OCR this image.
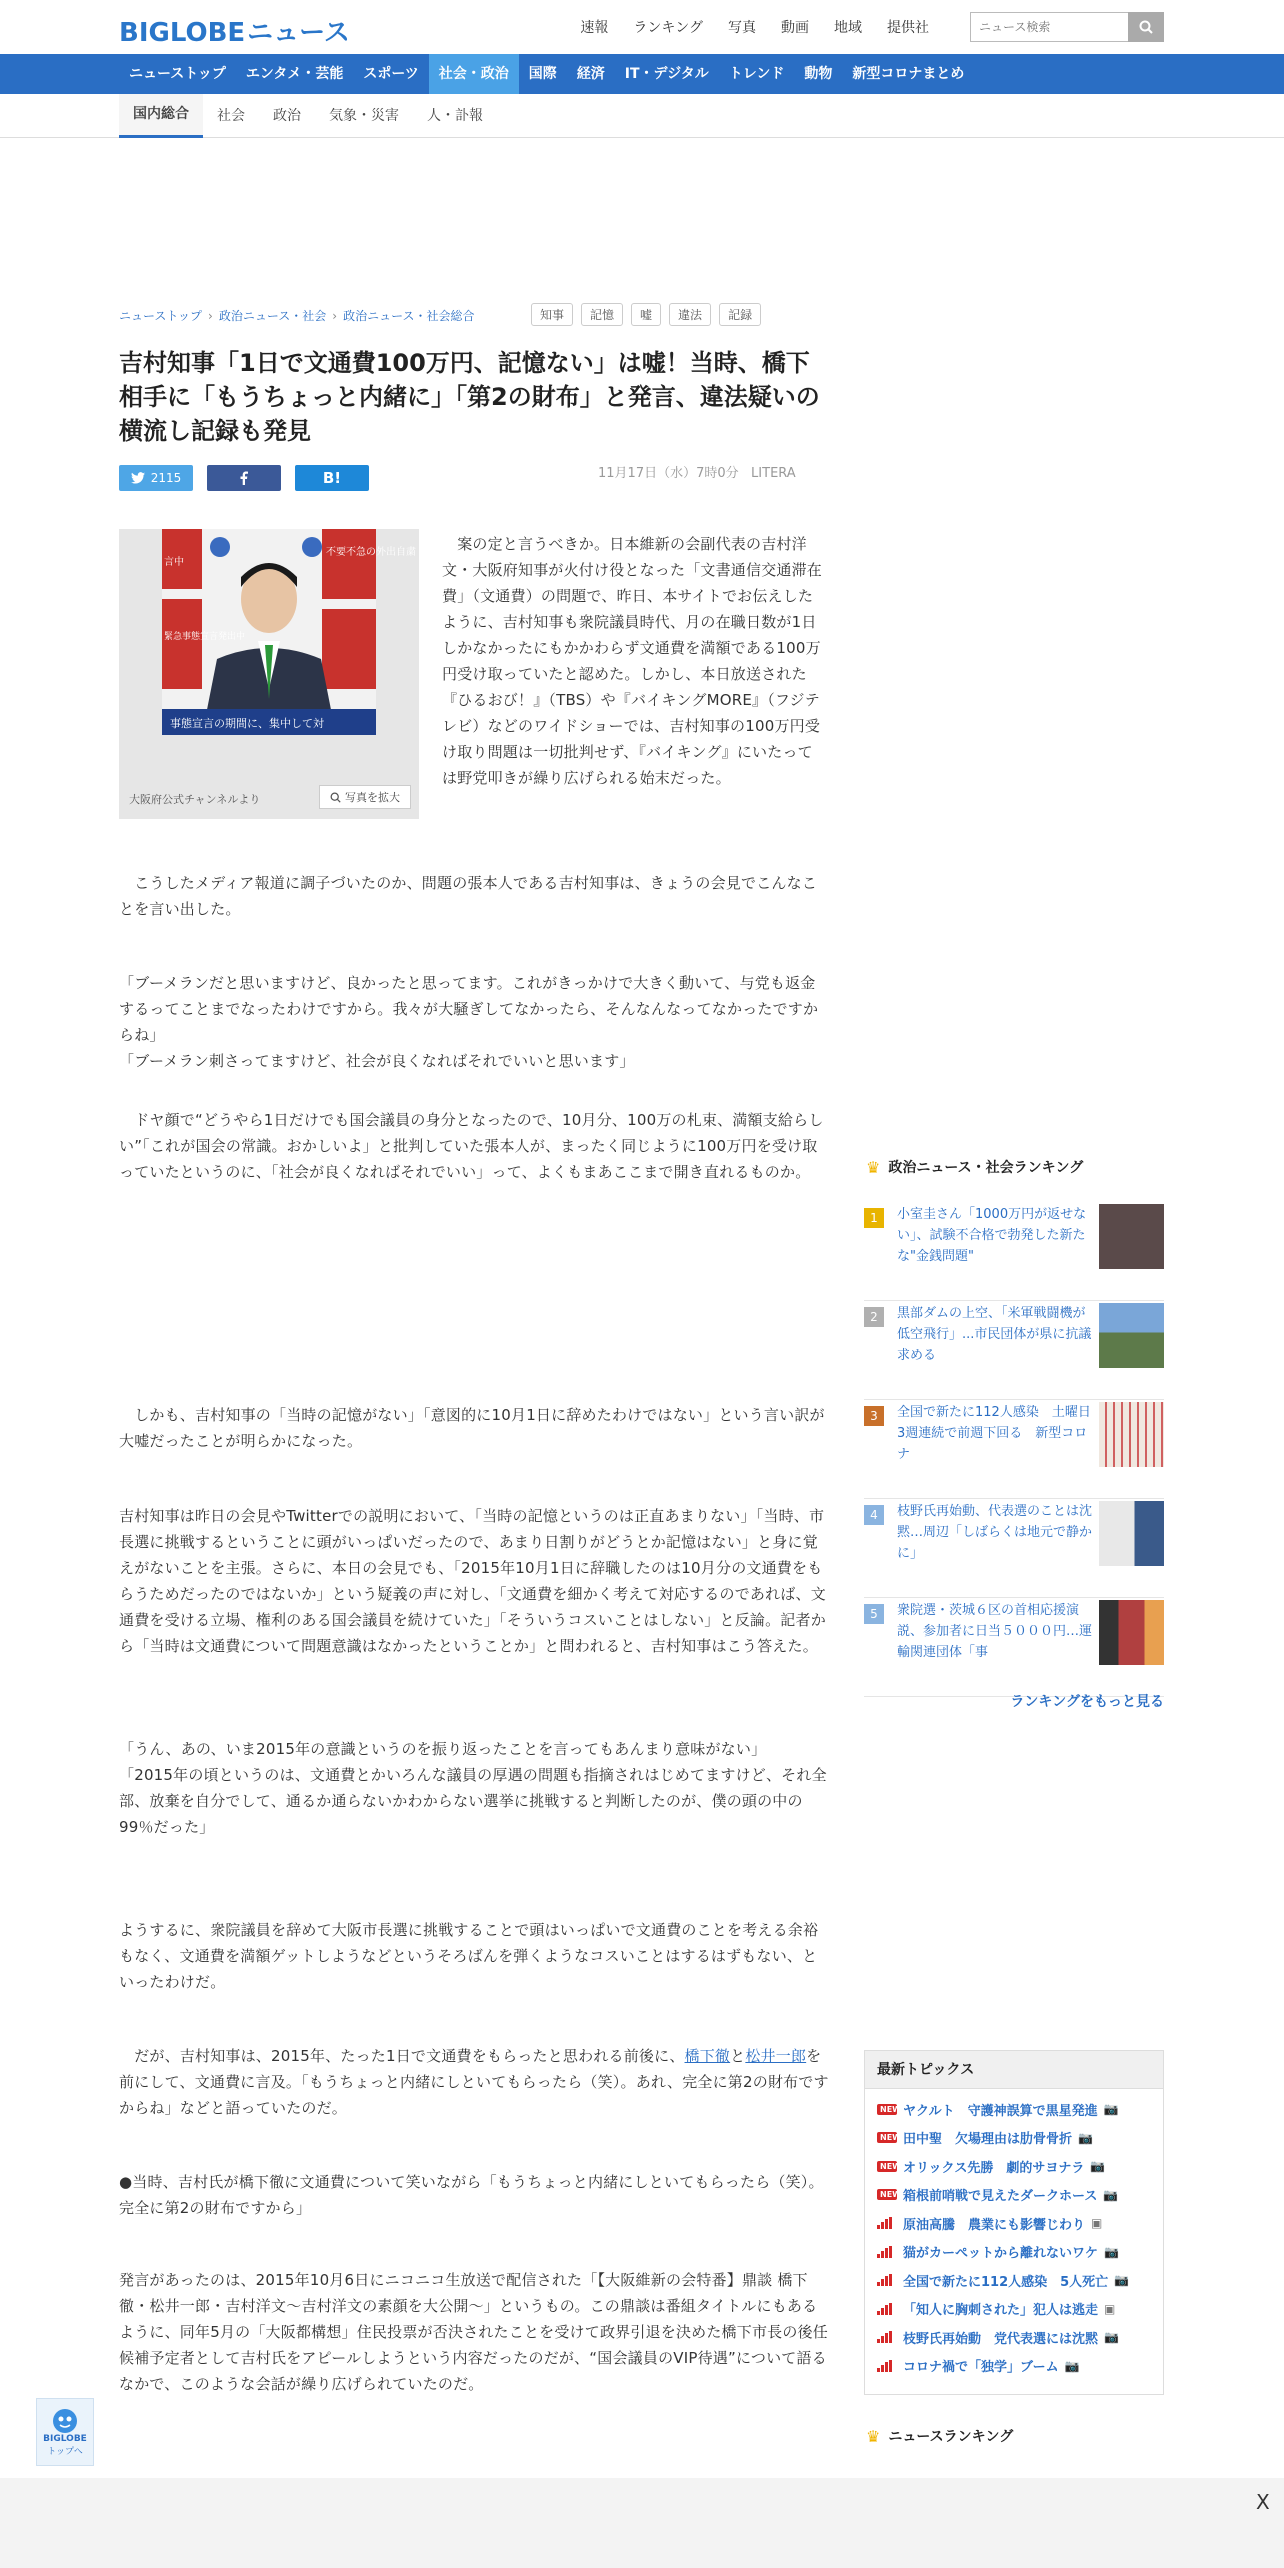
BIGLOBEニュース	速報 ランキング 写真 動画 地域 提供社
ニュース検索
ニューストップ	エンタメ・芸能	スポーツ	社会・政治	国際	経済	IT・デジタル	トレンド	動物	新型コロナまとめ
国内総合	社会	政治	気象・災害	人・訃報
ニューストップ › 政治ニュース・社会 › 政治ニュース・社会総合	知事	記憶	嘘	違法	記録
吉村知事「1日で文通費100万円、記憶ない」は嘘！当時、橋下相手に「もうちょっと内緒に」「第2の財布」と発言、違法疑いの横流し記録も発見
2115	B!	11月17日（水）7時0分 LITERA
不要不急の外出自粛
言中
緊急事態宣言発出中
事態宣言の期間に、集中して対
大阪府公式チャンネルより	写真を拡大

　案の定と言うべきか。日本維新の会副代表の吉村洋文・大阪府知事が火付け役となった「文書通信交通滞在費」（文通費）の問題で、昨日、本サイトでお伝えしたように、吉村知事も衆院議員時代、月の在職日数が1日しかなかったにもかかわらず文通費を満額である100万円受け取っていたと認めた。しかし、本日放送された『ひるおび！』（TBS）や『バイキングMORE』（フジテレビ）などのワイドショーでは、吉村知事の100万円受け取り問題は一切批判せず、『バイキング』にいたっては野党叩きが繰り広げられる始末だった。

　こうしたメディア報道に調子づいたのか、問題の張本人である吉村知事は、きょうの会見でこんなことを言い出した。

「ブーメランだと思いますけど、良かったと思ってます。これがきっかけで大きく動いて、与党も返金するってことまでなったわけですから。我々が大騒ぎしてなかったら、そんなんなってなかったですからね」
「ブーメラン刺さってますけど、社会が良くなればそれでいいと思います」

　ドヤ顔で“どうやら1日だけでも国会議員の身分となったので、10月分、100万の札束、満額支給らしい”「これが国会の常識。おかしいよ」と批判していた張本人が、まったく同じように100万円を受け取っていたというのに、「社会が良くなればそれでいい」って、よくもまあここまで開き直れるものか。

　しかも、吉村知事の「当時の記憶がない」「意図的に10月1日に辞めたわけではない」という言い訳が大嘘だったことが明らかになった。

吉村知事は昨日の会見やTwitterでの説明において、「当時の記憶というのは正直あまりない」「当時、市長選に挑戦するということに頭がいっぱいだったので、あまり日割りがどうとか記憶はない」と身に覚えがないことを主張。さらに、本日の会見でも、「2015年10月1日に辞職したのは10月分の文通費をもらうためだったのではないか」という疑義の声に対し、「文通費を細かく考えて対応するのであれば、文通費を受ける立場、権利のある国会議員を続けていた」「そういうコスいことはしない」と反論。記者から「当時は文通費について問題意識はなかったということか」と問われると、吉村知事はこう答えた。

「うん、あの、いま2015年の意識というのを振り返ったことを言ってもあんまり意味がない」
「2015年の頃というのは、文通費とかいろんな議員の厚遇の問題も指摘されはじめてますけど、それ全部、放棄を自分でして、通るか通らないかわからない選挙に挑戦すると判断したのが、僕の頭の中の99％だった」

ようするに、衆院議員を辞めて大阪市長選に挑戦することで頭はいっぱいで文通費のことを考える余裕もなく、文通費を満額ゲットしようなどというそろばんを弾くようなコスいことはするはずもない、といったわけだ。

　だが、吉村知事は、2015年、たった1日で文通費をもらったと思われる前後に、橋下徹と松井一郎を前にして、文通費に言及。「もうちょっと内緒にしといてもらったら（笑）。あれ、完全に第2の財布ですからね」などと語っていたのだ。

●当時、吉村氏が橋下徹に文通費について笑いながら「もうちょっと内緒にしといてもらったら（笑）。完全に第2の財布ですから」

発言があったのは、2015年10月6日にニコニコ生放送で配信された「【大阪維新の会特番】鼎談 橋下徹・松井一郎・吉村洋文〜吉村洋文の素顔を大公開〜」というもの。この鼎談は番組タイトルにもあるように、同年5月の「大阪都構想」住民投票が否決されたことを受けて政界引退を決めた橋下市長の後任候補予定者として吉村氏をアピールしようという内容だったのだが、“国会議員のVIP待遇”について語るなかで、このような会話が繰り広げられていたのだ。

♛ 政治ニュース・社会ランキング
1	小室圭さん「1000万円が返せない」、試験不合格で勃発した新たな"金銭問題"
2	黒部ダムの上空、「米軍戦闘機が低空飛行」...市民団体が県に抗議求める
3	全国で新たに112人感染　土曜日3週連続で前週下回る　新型コロナ
4	枝野氏再始動、代表選のことは沈黙…周辺「しばらくは地元で静かに」
5	衆院選・茨城６区の首相応援演説、参加者に日当５０００円…運輸関連団体「事
ランキングをもっと見る
最新トピックス
NEW ヤクルト　守護神誤算で黒星発進 📷
NEW 田中聖　欠場理由は肋骨骨折 📷
NEW オリックス先勝　劇的サヨナラ 📷
NEW 箱根前哨戦で見えたダークホース 📷
原油高騰　農業にも影響じわり ▣
猫がカーペットから離れないワケ 📷
全国で新たに112人感染　5人死亡 📷
「知人に胸刺された」犯人は逃走 ▣
枝野氏再始動　党代表選には沈黙 📷
コロナ禍で「独学」ブーム 📷
♛ ニュースランキング
X
BIGLOBE
トップへ
